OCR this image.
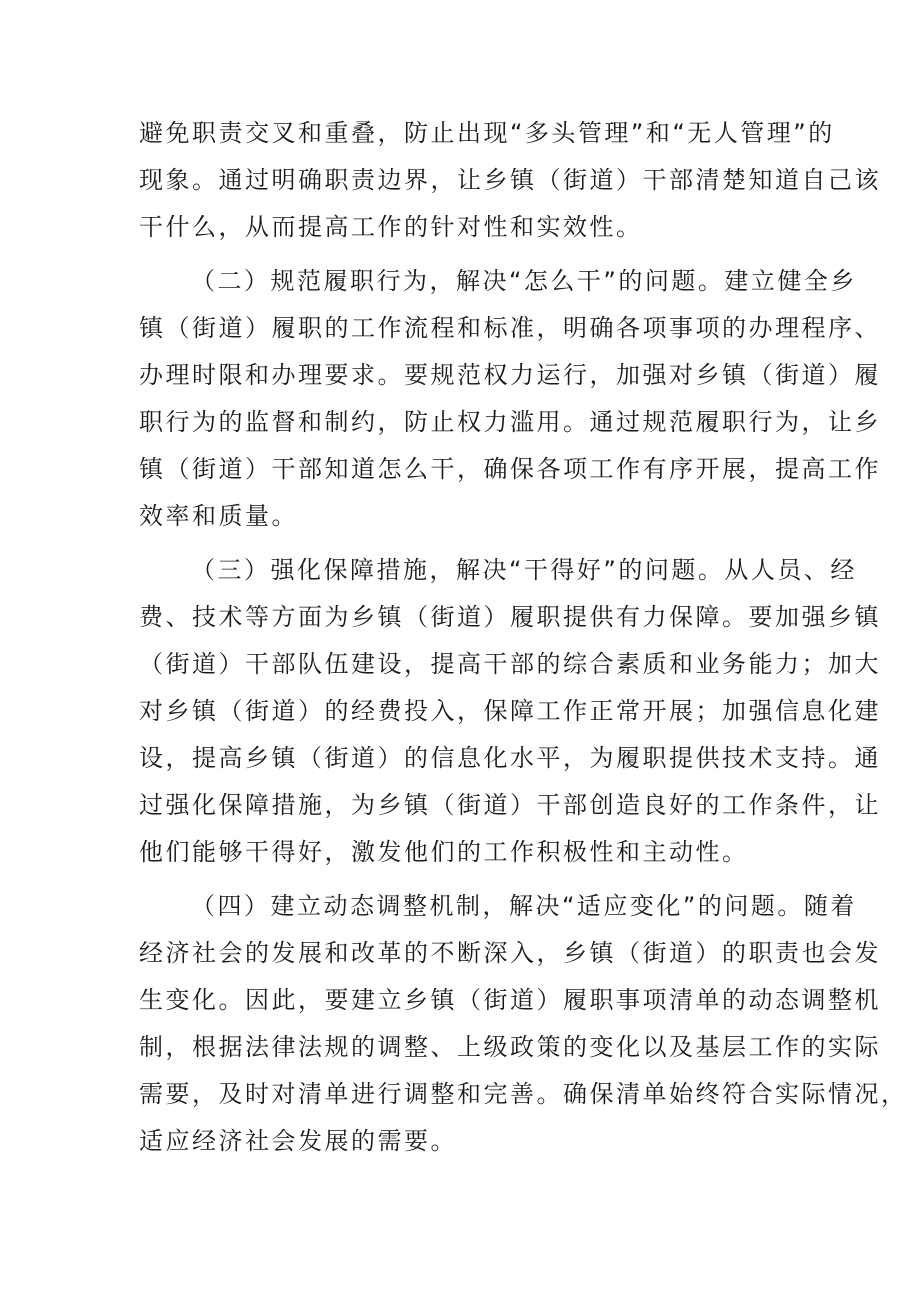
避免职责交叉和重叠，防止出现“多头管理”和“无人管理”的
现象。通过明确职责边界，让乡镇（街道）干部清楚知道自己该
干什么，从而提高工作的针对性和实效性。
（二）规范履职行为，解决“怎么干”的问题。建立健全乡
镇（街道）履职的工作流程和标准，明确各项事项的办理程序、
办理时限和办理要求。要规范权力运行，加强对乡镇（街道）履
职行为的监督和制约，防止权力滥用。通过规范履职行为，让乡
镇（街道）干部知道怎么干，确保各项工作有序开展，提高工作
效率和质量。
（三）强化保障措施，解决“干得好”的问题。从人员、经
费、技术等方面为乡镇（街道）履职提供有力保障。要加强乡镇
（街道）干部队伍建设，提高干部的综合素质和业务能力；加大
对乡镇（街道）的经费投入，保障工作正常开展；加强信息化建
设，提高乡镇（街道）的信息化水平，为履职提供技术支持。通
过强化保障措施，为乡镇（街道）干部创造良好的工作条件，让
他们能够干得好，激发他们的工作积极性和主动性。
（四）建立动态调整机制，解决“适应变化”的问题。随着
经济社会的发展和改革的不断深入，乡镇（街道）的职责也会发
生变化。因此，要建立乡镇（街道）履职事项清单的动态调整机
制，根据法律法规的调整、上级政策的变化以及基层工作的实际
需要，及时对清单进行调整和完善。确保清单始终符合实际情况，
适应经济社会发展的需要。
